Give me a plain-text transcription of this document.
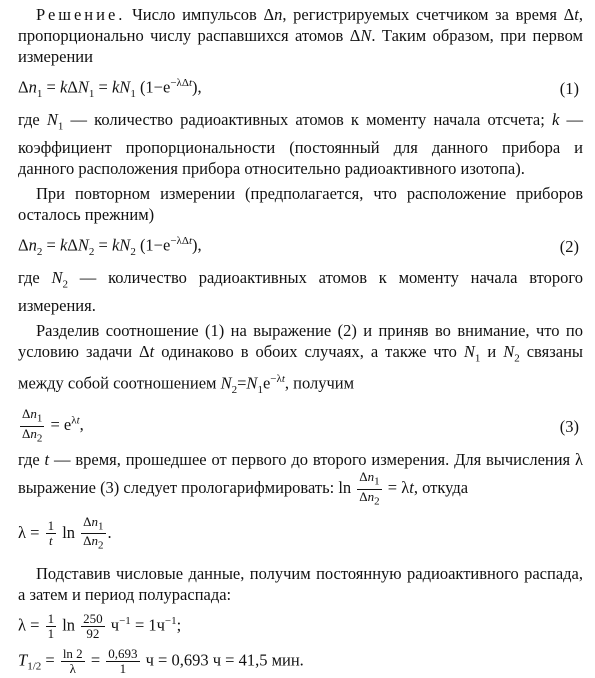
Решение. Число импульсов Δn, регистрируемых счетчиком за время Δt, пропорционально числу распавшихся атомов ΔN. Таким образом, при первом измерении

$\Delta n_1 = k\Delta N_1 = kN_1$ $(1-e^{-\lambda\Delta t})$,	(1)

где $N_1$ — количество радиоактивных атомов к моменту начала отсчета; k — коэффициент пропорциональности (постоянный для данного прибора и данного расположения прибора относительно радиоактивного изотопа).

При повторном измерении (предполагается, что расположение приборов осталось прежним)

$\Delta n_2 = k\Delta N_2 = kN_2$ $(1-e^{-\lambda\Delta t})$,	(2)

где $N_2$ — количество радиоактивных атомов к моменту начала второго измерения.

Разделив соотношение (1) на выражение (2) и приняв во внимание, что по условию задачи Δt одинаково в обоих случаях, а также что $N_1$ и $N_2$ связаны между собой соотношением $N_2=N_1e^{-\lambda t}$, получим

$\frac{\Delta n_1}{\Delta n_2} = e^{\lambda t}$,	(3)

где t — время, прошедшее от первого до второго измерения. Для вычисления λ выражение (3) следует прологарифмировать: $\ln \frac{\Delta n_1}{\Delta n_2} = \lambda t$, откуда

$\lambda = \frac{1}{t}$ $\ln \frac{\Delta n_1}{\Delta n_2}$ .

Подставив числовые данные, получим постоянную радиоактивного распада, а затем и период полураспада:

$\lambda = \frac{1}{1}$ $\ln \frac{250}{92} ч^{-1} = 1ч^{-1}$;
$T_{1/2} = \frac{\ln 2}{\lambda} = \frac{0,693}{1}$ ч = 0,693 ч = 41,5 мин.
